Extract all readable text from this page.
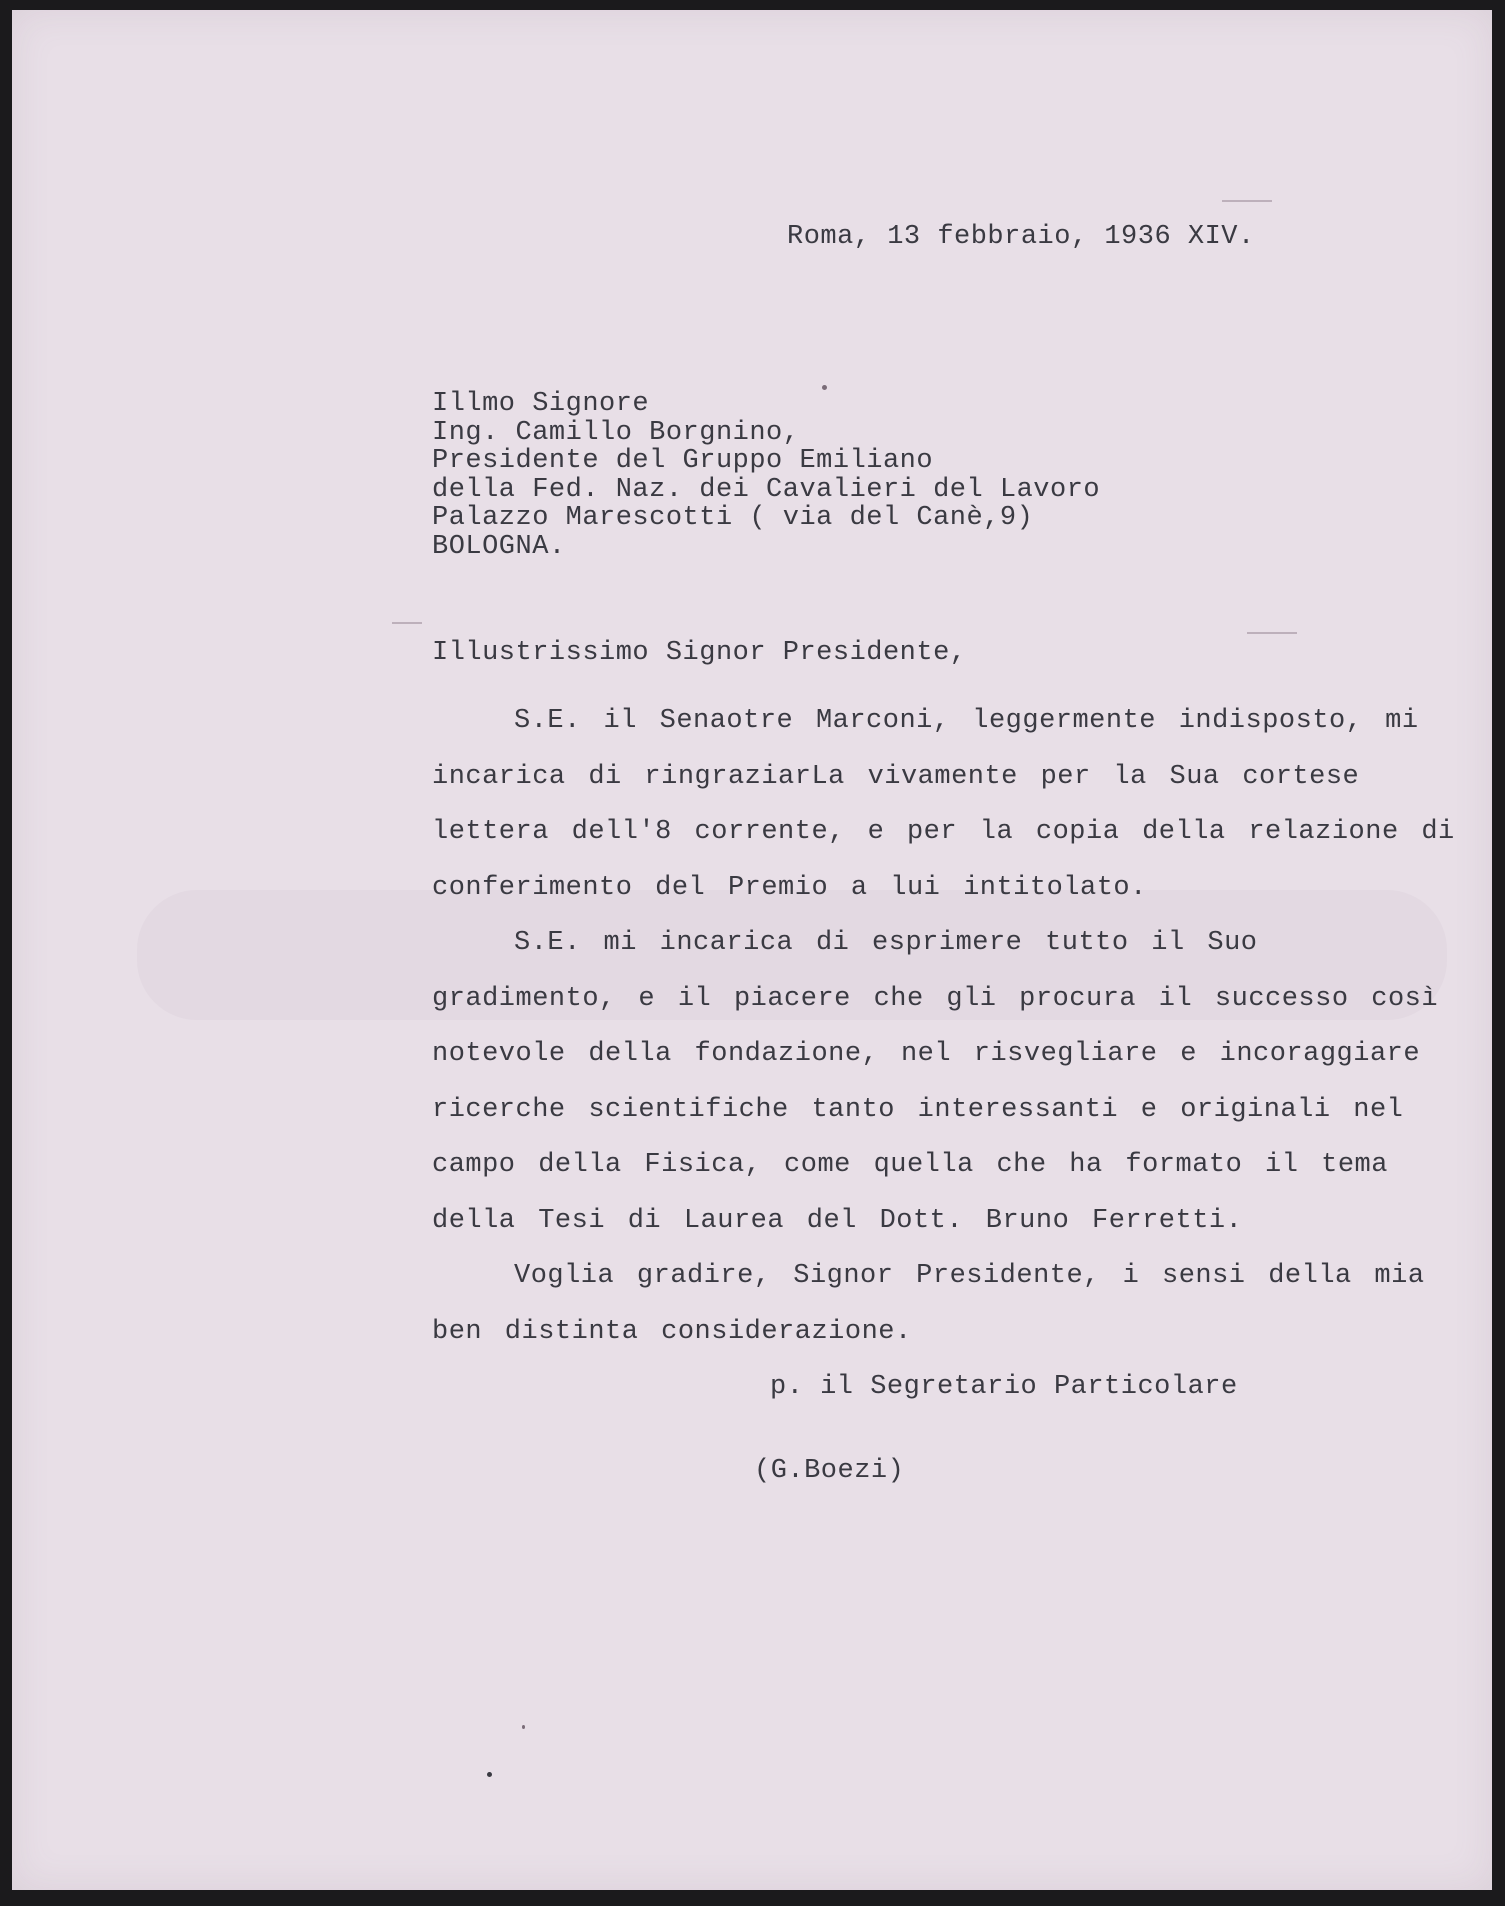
Roma, 13 febbraio, 1936 XIV.
Illmo Signore
Ing. Camillo Borgnino,
Presidente del Gruppo Emiliano
della Fed. Naz. dei Cavalieri del Lavoro
Palazzo Marescotti ( via del Canè,9)
BOLOGNA.
Illustrissimo Signor Presidente,

S.E. il Senaotre Marconi, leggermente indisposto, mi incarica di ringraziarLa vivamente per la Sua cortese lettera dell'8 corrente, e per la copia della relazione di conferimento del Premio a lui intitolato.

S.E. mi incarica di esprimere tutto il Suo gradimento, e il piacere che gli procura il successo così notevole della fondazione, nel risvegliare e incoraggiare ricerche scientifiche tanto interessanti e originali nel campo della Fisica, come quella che ha formato il tema della Tesi di Laurea del Dott. Bruno Ferretti.

Voglia gradire, Signor Presidente, i sensi della mia ben distinta considerazione.

p. il Segretario Particolare
(G.Boezi)
